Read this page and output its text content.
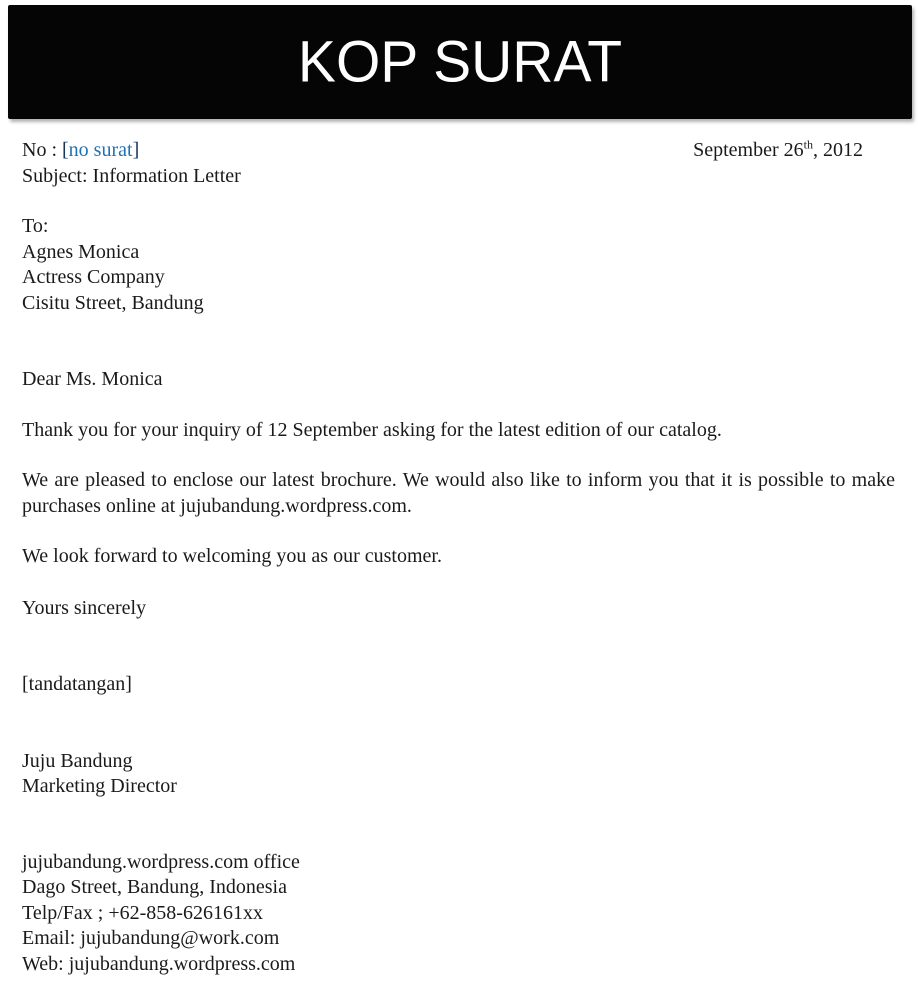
KOP SURAT
No : [no surat]	September 26th, 2012
Subject: Information Letter
To:
Agnes Monica
Actress Company
Cisitu Street, Bandung
Dear Ms. Monica
Thank you for your inquiry of 12 September asking for the latest edition of our catalog.
We are pleased to enclose our latest brochure. We would also like to inform you that it is possible to make purchases online at jujubandung.wordpress.com.
We look forward to welcoming you as our customer.
Yours sincerely
[tandatangan]
Juju Bandung
Marketing Director
jujubandung.wordpress.com office
Dago Street, Bandung, Indonesia
Telp/Fax ; +62-858-626161xx
Email: jujubandung@work.com
Web: jujubandung.wordpress.com
